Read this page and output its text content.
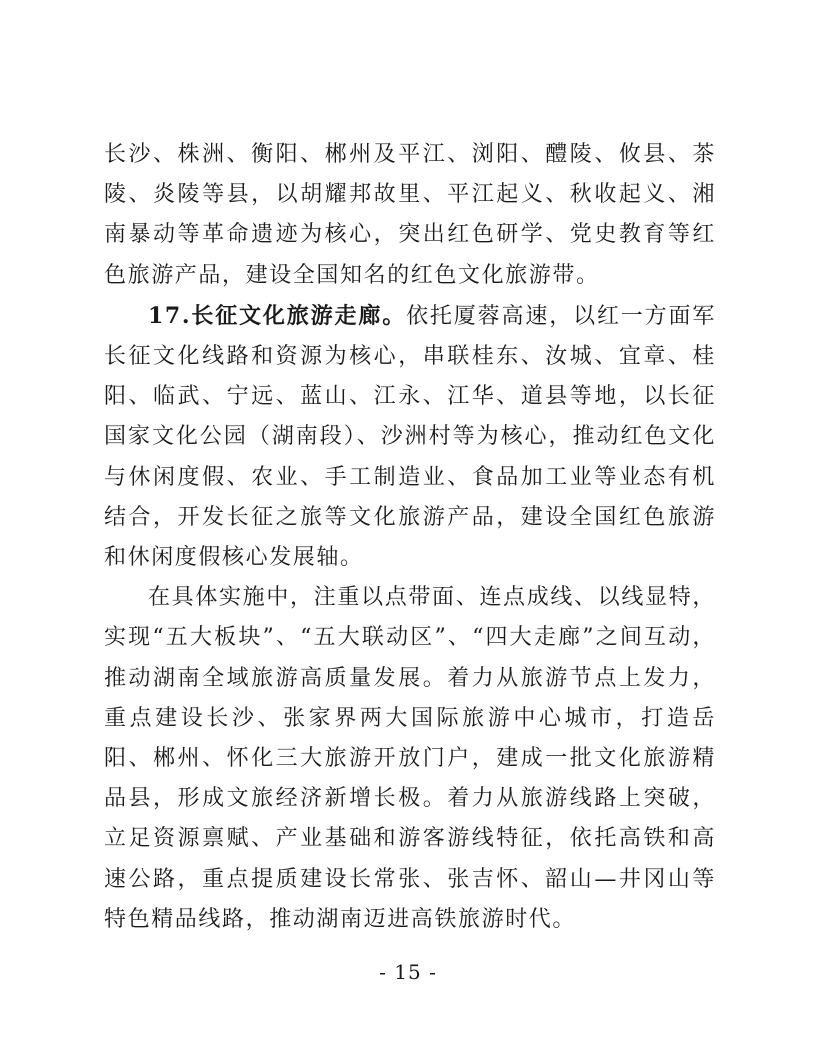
长沙、株洲、衡阳、郴州及平江、浏阳、醴陵、攸县、茶陵、炎陵等县，以胡耀邦故里、平江起义、秋收起义、湘南暴动等革命遗迹为核心，突出红色研学、党史教育等红色旅游产品，建设全国知名的红色文化旅游带。

17.长征文化旅游走廊。依托厦蓉高速，以红一方面军长征文化线路和资源为核心，串联桂东、汝城、宜章、桂阳、临武、宁远、蓝山、江永、江华、道县等地，以长征国家文化公园（湖南段）、沙洲村等为核心，推动红色文化与休闲度假、农业、手工制造业、食品加工业等业态有机结合，开发长征之旅等文化旅游产品，建设全国红色旅游和休闲度假核心发展轴。

在具体实施中，注重以点带面、连点成线、以线显特，实现“五大板块”、“五大联动区”、“四大走廊”之间互动，推动湖南全域旅游高质量发展。着力从旅游节点上发力，重点建设长沙、张家界两大国际旅游中心城市，打造岳阳、郴州、怀化三大旅游开放门户，建成一批文化旅游精品县，形成文旅经济新增长极。着力从旅游线路上突破，立足资源禀赋、产业基础和游客游线特征，依托高铁和高速公路，重点提质建设长常张、张吉怀、韶山—井冈山等特色精品线路，推动湖南迈进高铁旅游时代。

- 15 -
